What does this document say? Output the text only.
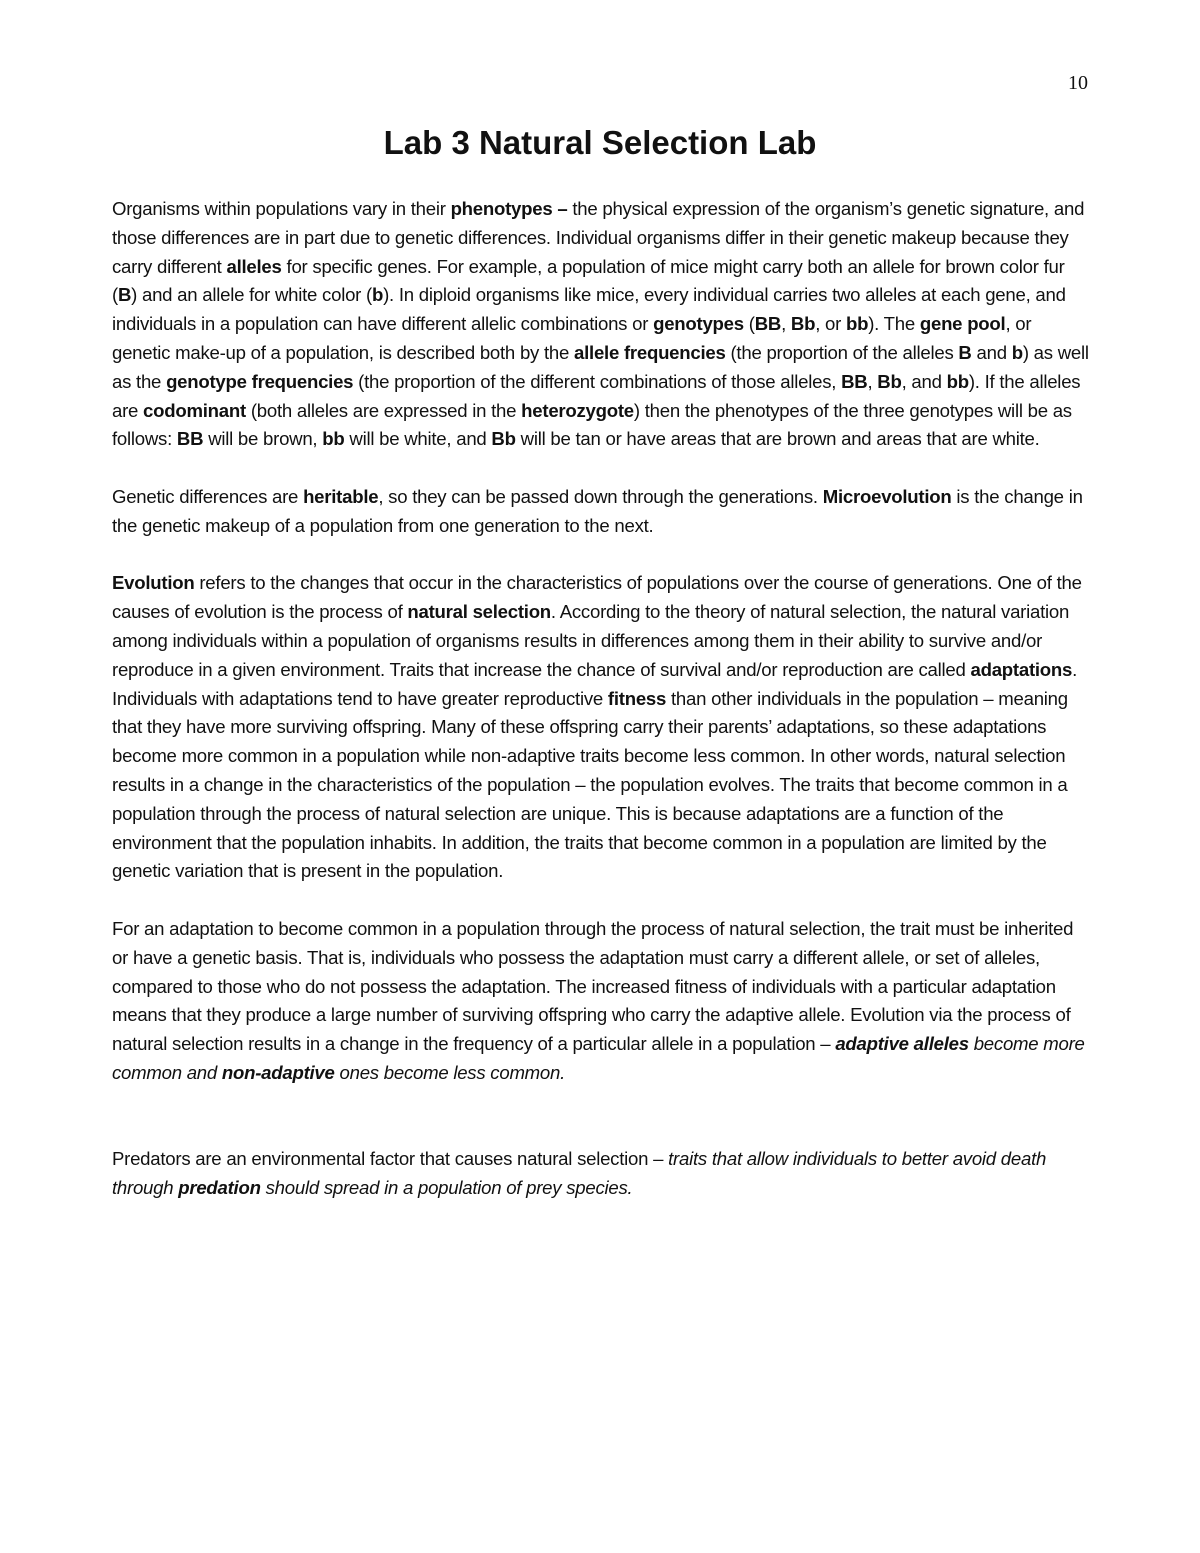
10
Lab 3 Natural Selection Lab

Organisms within populations vary in their phenotypes – the physical expression of the organism’s genetic signature, and those differences are in part due to genetic differences. Individual organisms differ in their genetic makeup because they carry different alleles for specific genes. For example, a population of mice might carry both an allele for brown color fur (B) and an allele for white color (b). In diploid organisms like mice, every individual carries two alleles at each gene, and individuals in a population can have different allelic combinations or genotypes (BB, Bb, or bb). The gene pool, or genetic make-up of a population, is described both by the allele frequencies (the proportion of the alleles B and b) as well as the genotype frequencies (the proportion of the different combinations of those alleles, BB, Bb, and bb). If the alleles are codominant (both alleles are expressed in the heterozygote) then the phenotypes of the three genotypes will be as follows: BB will be brown, bb will be white, and Bb will be tan or have areas that are brown and areas that are white.

Genetic differences are heritable, so they can be passed down through the generations. Microevolution is the change in the genetic makeup of a population from one generation to the next.

Evolution refers to the changes that occur in the characteristics of populations over the course of generations. One of the causes of evolution is the process of natural selection. According to the theory of natural selection, the natural variation among individuals within a population of organisms results in differences among them in their ability to survive and/or reproduce in a given environment. Traits that increase the chance of survival and/or reproduction are called adaptations. Individuals with adaptations tend to have greater reproductive fitness than other individuals in the population – meaning that they have more surviving offspring. Many of these offspring carry their parents’ adaptations, so these adaptations become more common in a population while non-adaptive traits become less common. In other words, natural selection results in a change in the characteristics of the population – the population evolves. The traits that become common in a population through the process of natural selection are unique. This is because adaptations are a function of the environment that the population inhabits. In addition, the traits that become common in a population are limited by the genetic variation that is present in the population.

For an adaptation to become common in a population through the process of natural selection, the trait must be inherited or have a genetic basis. That is, individuals who possess the adaptation must carry a different allele, or set of alleles, compared to those who do not possess the adaptation. The increased fitness of individuals with a particular adaptation means that they produce a large number of surviving offspring who carry the adaptive allele. Evolution via the process of natural selection results in a change in the frequency of a particular allele in a population – adaptive alleles become more common and non-adaptive ones become less common.

Predators are an environmental factor that causes natural selection – traits that allow individuals to better avoid death through predation should spread in a population of prey species.
